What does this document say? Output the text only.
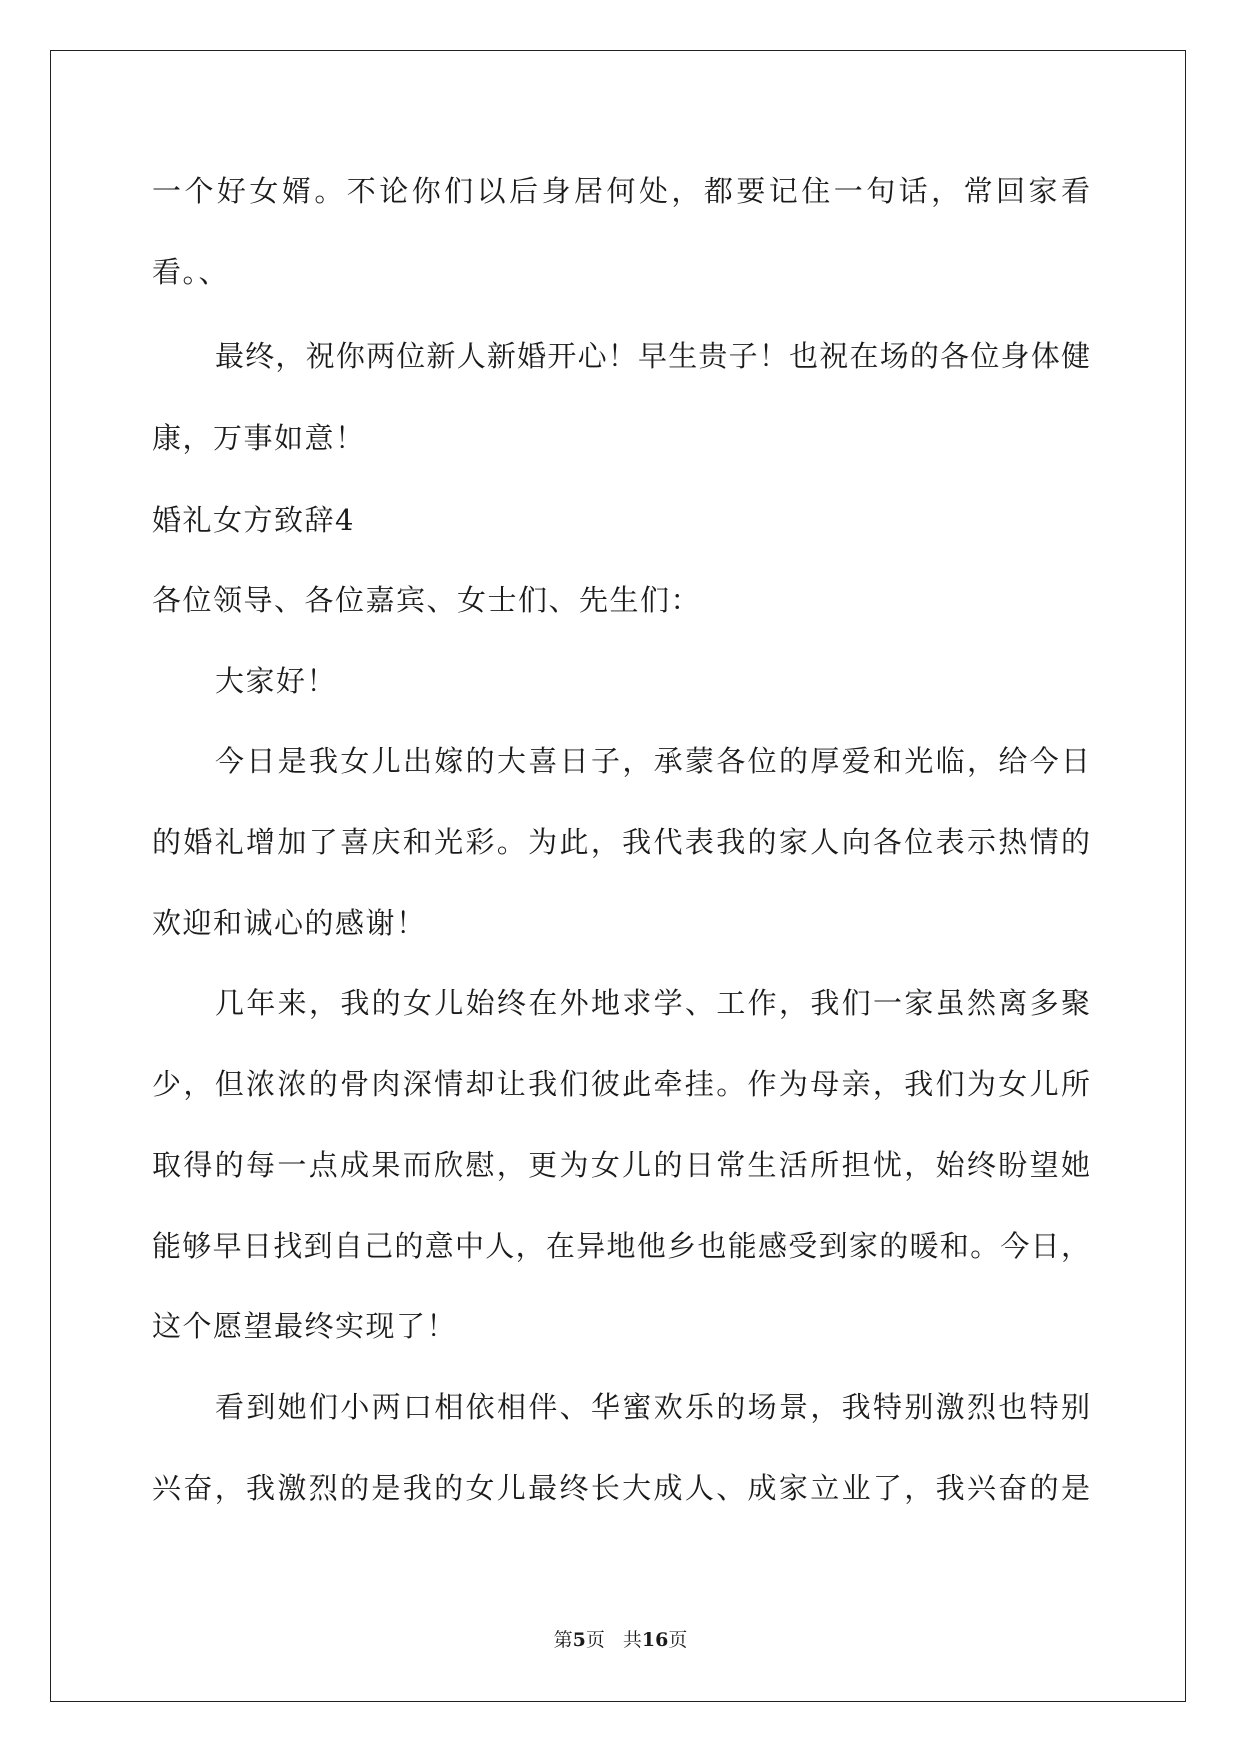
一个好女婿。不论你们以后身居何处，都要记住一句话，常回家看
看。、
最终，祝你两位新人新婚开心！早生贵子！也祝在场的各位身体健
康，万事如意！
婚礼女方致辞4
各位领导、各位嘉宾、女士们、先生们：
大家好！
今日是我女儿出嫁的大喜日子，承蒙各位的厚爱和光临，给今日
的婚礼增加了喜庆和光彩。为此，我代表我的家人向各位表示热情的
欢迎和诚心的感谢！
几年来，我的女儿始终在外地求学、工作，我们一家虽然离多聚
少，但浓浓的骨肉深情却让我们彼此牵挂。作为母亲，我们为女儿所
取得的每一点成果而欣慰，更为女儿的日常生活所担忧，始终盼望她
能够早日找到自己的意中人，在异地他乡也能感受到家的暖和。今日，
这个愿望最终实现了！
看到她们小两口相依相伴、华蜜欢乐的场景，我特别激烈也特别
兴奋，我激烈的是我的女儿最终长大成人、成家立业了，我兴奋的是
第5页 共16页
